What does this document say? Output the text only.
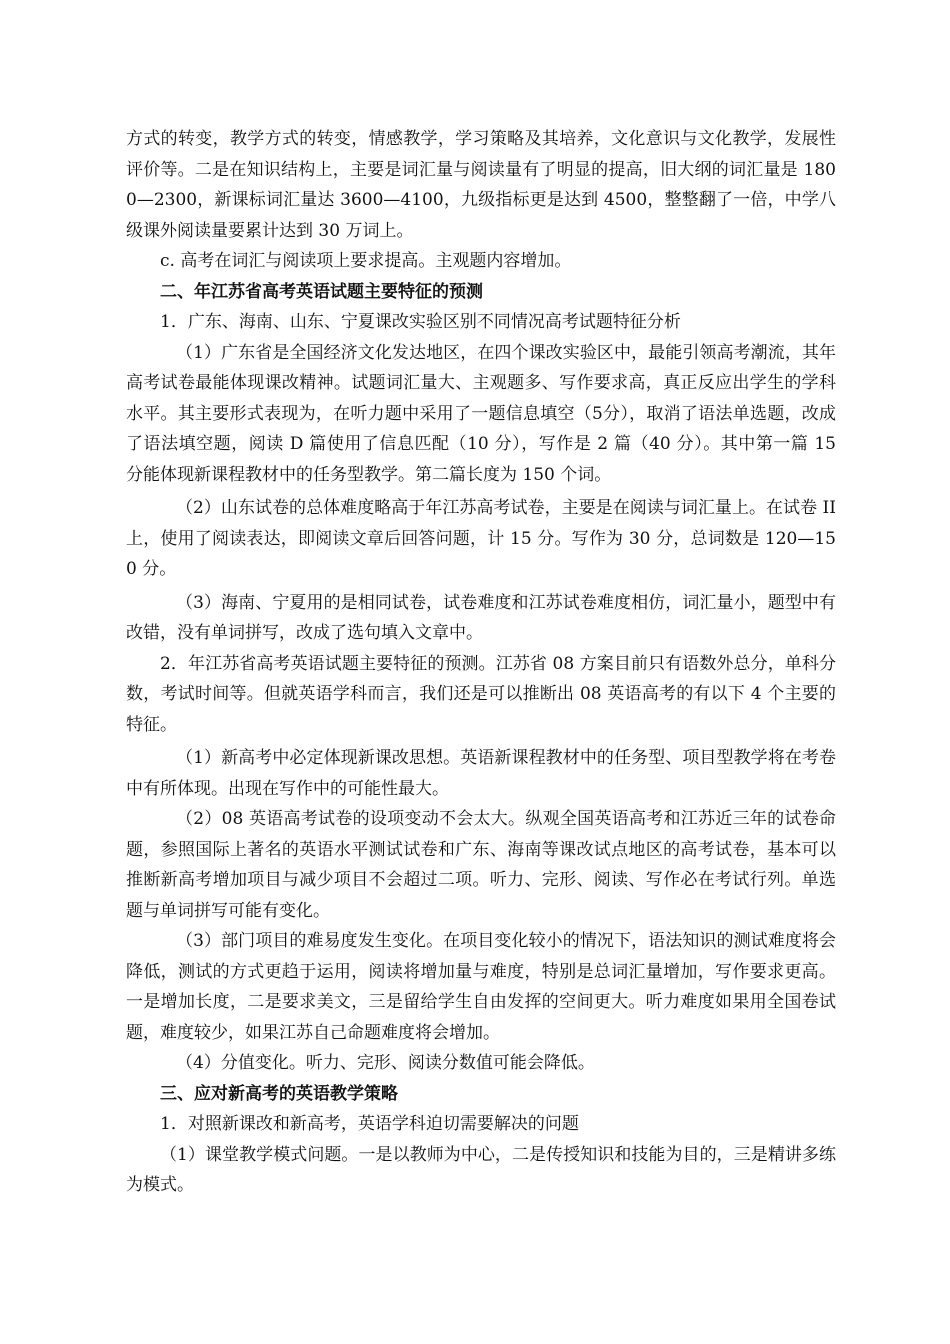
方式的转变，教学方式的转变，情感教学，学习策略及其培养，文化意识与文化教学，发展性评价等。二是在知识结构上，主要是词汇量与阅读量有了明显的提高，旧大纲的词汇量是 1800—2300，新课标词汇量达 3600—4100，九级指标更是达到 4500，整整翻了一倍，中学八级课外阅读量要累计达到 30 万词上。

c. 高考在词汇与阅读项上要求提高。主观题内容增加。

二、年江苏省高考英语试题主要特征的预测

1．广东、海南、山东、宁夏课改实验区别不同情况高考试题特征分析

（1）广东省是全国经济文化发达地区，在四个课改实验区中，最能引领高考潮流，其年高考试卷最能体现课改精神。试题词汇量大、主观题多、写作要求高，真正反应出学生的学科水平。其主要形式表现为，在听力题中采用了一题信息填空（5分），取消了语法单选题，改成了语法填空题，阅读 D 篇使用了信息匹配（10 分），写作是 2 篇（40 分）。其中第一篇 15 分能体现新课程教材中的任务型教学。第二篇长度为 150 个词。

（2）山东试卷的总体难度略高于年江苏高考试卷，主要是在阅读与词汇量上。在试卷 II 上，使用了阅读表达，即阅读文章后回答问题，计 15 分。写作为 30 分，总词数是 120—150 分。

（3）海南、宁夏用的是相同试卷，试卷难度和江苏试卷难度相仿，词汇量小，题型中有改错，没有单词拼写，改成了选句填入文章中。

2．年江苏省高考英语试题主要特征的预测。江苏省 08 方案目前只有语数外总分，单科分数，考试时间等。但就英语学科而言，我们还是可以推断出 08 英语高考的有以下 4 个主要的特征。

（1）新高考中必定体现新课改思想。英语新课程教材中的任务型、项目型教学将在考卷中有所体现。出现在写作中的可能性最大。

（2）08 英语高考试卷的设项变动不会太大。纵观全国英语高考和江苏近三年的试卷命题，参照国际上著名的英语水平测试试卷和广东、海南等课改试点地区的高考试卷，基本可以推断新高考增加项目与减少项目不会超过二项。听力、完形、阅读、写作必在考试行列。单选题与单词拼写可能有变化。

（3）部门项目的难易度发生变化。在项目变化较小的情况下，语法知识的测试难度将会降低，测试的方式更趋于运用，阅读将增加量与难度，特别是总词汇量增加，写作要求更高。一是增加长度，二是要求美文，三是留给学生自由发挥的空间更大。听力难度如果用全国卷试题，难度较少，如果江苏自己命题难度将会增加。

（4）分值变化。听力、完形、阅读分数值可能会降低。

三、应对新高考的英语教学策略

1．对照新课改和新高考，英语学科迫切需要解决的问题

（1）课堂教学模式问题。一是以教师为中心，二是传授知识和技能为目的，三是精讲多练为模式。
